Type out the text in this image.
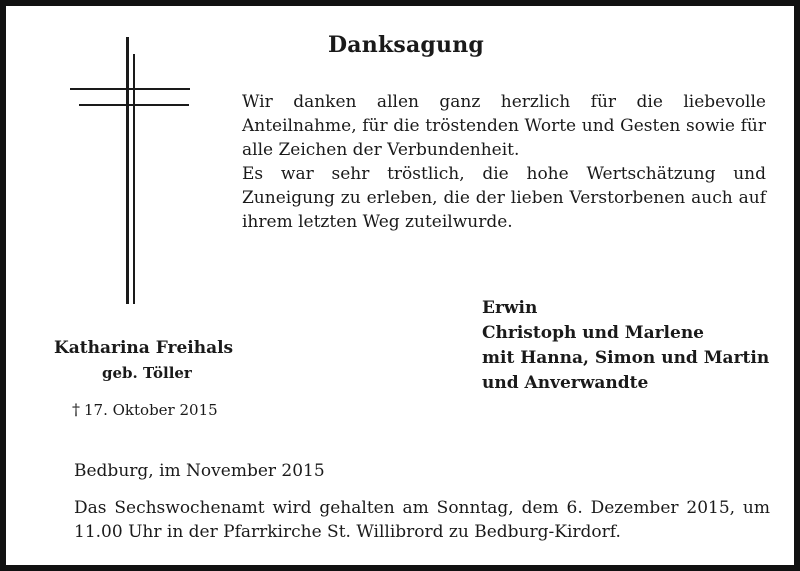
Danksagung

Wir danken allen ganz herzlich für die liebevolle Anteilnahme, für die tröstenden Worte und Gesten sowie für alle Zeichen der Verbundenheit.

Es war sehr tröstlich, die hohe Wertschätzung und Zuneigung zu erleben, die der lieben Verstorbenen auch auf ihrem letzten Weg zuteilwurde.

Katharina Freihals
geb. Töller
† 17. Oktober 2015
Erwin
Christoph und Marlene
mit Hanna, Simon und Martin
und Anverwandte
Bedburg, im November 2015
Das Sechswochenamt wird gehalten am Sonntag, dem 6. Dezember 2015, um 11.00 Uhr in der Pfarrkirche St. Willibrord zu Bedburg-Kirdorf.
